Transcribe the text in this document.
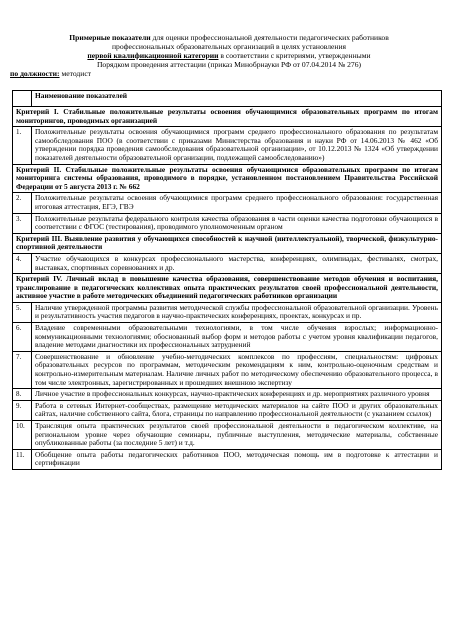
Примерные показатели для оценки профессиональной деятельности педагогических работников
профессиональных образовательных организаций в целях установления
первой квалификационной категории в соответствии с критериями, утвержденными
Порядком проведения аттестации (приказ Минобрнауки РФ от 07.04.2014 № 276)
по должности: методист
	Наименование показателей
Критерий I. Стабильные положительные результаты освоения обучающимися образовательных программ по итогам мониторингов, проводимых организацией	
1.	Положительные результаты освоения обучающимися программ среднего профессионального образования по результатам самообследования ПОО (в соответствии с приказами Министерства образования и науки РФ от 14.06.2013 № 462 «Об утверждении порядка проведения самообследования образовательной организации», от 10.12.2013 № 1324 «Об утверждении показателей деятельности образовательной организации, подлежащей самообследованию»)
Критерий II. Стабильные положительные результаты освоения обучающимися образовательных программ по итогам мониторинга системы образования, проводимого в порядке, установленном постановлением Правительства Российской Федерации от 5 августа 2013 г. № 662	
2.	Положительные результаты освоения обучающимися программ среднего профессионального образования: государственная итоговая аттестация, ЕГЭ, ГВЭ
3.	Положительные результаты федерального контроля качества образования в части оценки качества подготовки обучающихся в соответствии с ФГОС (тестирования), проводимого уполномоченным органом
Критерий III. Выявление развития у обучающихся способностей к научной (интеллектуальной), творческой, физкультурно-спортивной деятельности	
4.	Участие обучающихся в конкурсах профессионального мастерства, конференциях, олимпиадах, фестивалях, смотрах, выставках, спортивных соревнованиях и др.
Критерий IV. Личный вклад в повышение качества образования, совершенствование методов обучения и воспитания, транслирование в педагогических коллективах опыта практических результатов своей профессиональной деятельности, активное участие в работе методических объединений педагогических работников организации	
5.	Наличие утвержденной программы развития методической службы профессиональной образовательной организации. Уровень и результативность участия педагогов в научно-практических конференциях, проектах, конкурсах и пр.
6.	Владение современными образовательными технологиями, в том числе обучения взрослых; информационно-коммуникационными технологиями; обоснованный выбор форм и методов работы с учетом уровня квалификации педагогов, владение методами диагностики их профессиональных затруднений
7.	Совершенствование и обновление учебно-методических комплексов по профессиям, специальностям: цифровых образовательных ресурсов по программам, методическим рекомендациям к ним, контрольно-оценочным средствам и контрольно-измерительным материалам. Наличие личных работ по методическому обеспечению образовательного процесса, в том числе электронных, зарегистрированных и прошедших внешнюю экспертизу
8.	Личное участие в профессиональных конкурсах, научно-практических конференциях и др. мероприятиях различного уровня
9.	Работа в сетевых Интернет-сообществах, размещение методических материалов на сайте ПОО и других образовательных сайтах, наличие собственного сайта, блога, страницы по направлению профессиональной деятельности (с указанием ссылок)
10.	Трансляция опыта практических результатов своей профессиональной деятельности в педагогическом коллективе, на региональном уровне через обучающие семинары, публичные выступления, методические материалы, собственные опубликованные работы (за последние 5 лет) и т.д.
11.	Обобщение опыта работы педагогических работников ПОО, методическая помощь им в подготовке к аттестации и сертификации
